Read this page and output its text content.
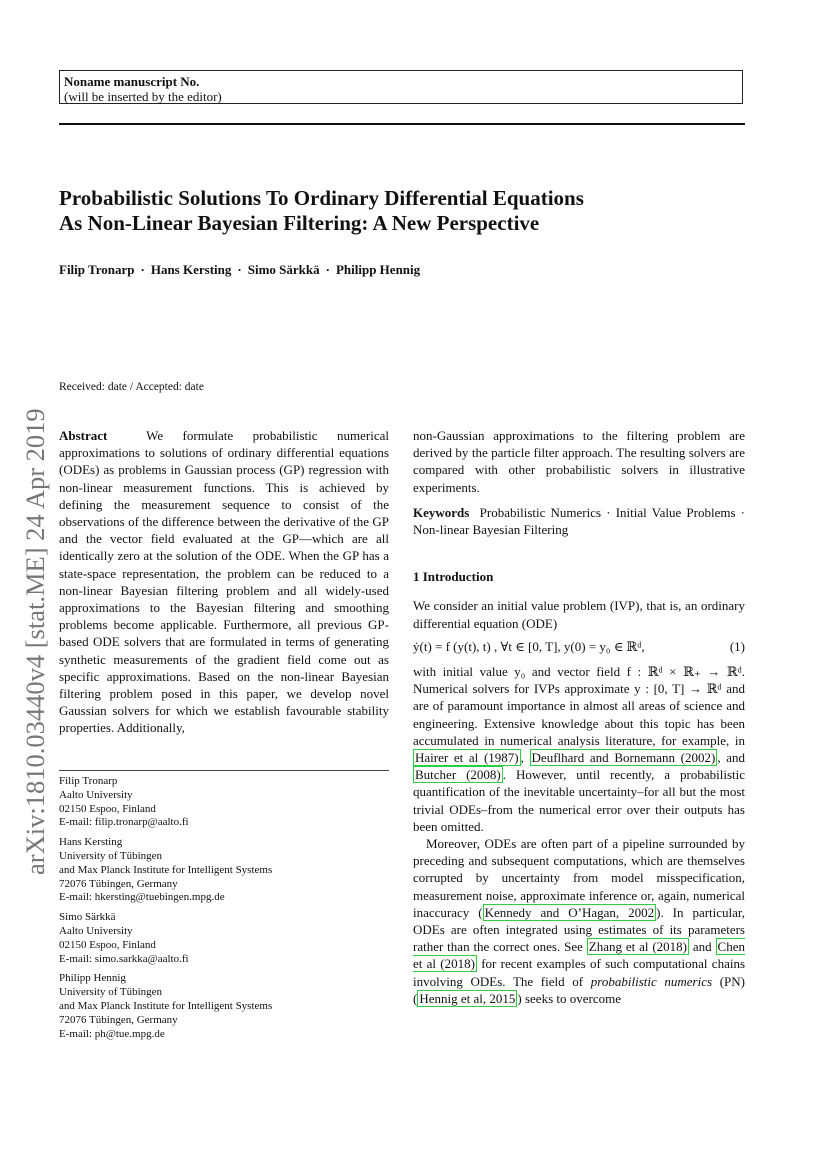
Noname manuscript No.
(will be inserted by the editor)
Probabilistic Solutions To Ordinary Differential Equations
As Non-Linear Bayesian Filtering: A New Perspective
Filip Tronarp · Hans Kersting · Simo Särkkä · Philipp Hennig
arXiv:1810.03440v4 [stat.ME] 24 Apr 2019
Received: date / Accepted: date
Abstract	We formulate probabilistic numerical approximations to solutions of ordinary differential equations (ODEs) as problems in Gaussian process (GP) regression with non-linear measurement functions. This is achieved by defining the measurement sequence to consist of the observations of the difference between the derivative of the GP and the vector field evaluated at the GP—which are all identically zero at the solution of the ODE. When the GP has a state-space representation, the problem can be reduced to a non-linear Bayesian filtering problem and all widely-used approximations to the Bayesian filtering and smoothing problems become applicable. Furthermore, all previous GP-based ODE solvers that are formulated in terms of generating synthetic measurements of the gradient field come out as specific approximations. Based on the non-linear Bayesian filtering problem posed in this paper, we develop novel Gaussian solvers for which we establish favourable stability properties. Additionally,
Filip Tronarp
Aalto University
02150 Espoo, Finland
E-mail: filip.tronarp@aalto.fi
Hans Kersting
University of Tübingen
and Max Planck Institute for Intelligent Systems
72076 Tübingen, Germany
E-mail: hkersting@tuebingen.mpg.de
Simo Särkkä
Aalto University
02150 Espoo, Finland
E-mail: simo.sarkka@aalto.fi
Philipp Hennig
University of Tübingen
and Max Planck Institute for Intelligent Systems
72076 Tübingen, Germany
E-mail: ph@tue.mpg.de

non-Gaussian approximations to the filtering problem are derived by the particle filter approach. The resulting solvers are compared with other probabilistic solvers in illustrative experiments.

Keywords Probabilistic Numerics · Initial Value Problems · Non-linear Bayesian Filtering

1 Introduction

We consider an initial value problem (IVP), that is, an ordinary differential equation (ODE)

ẏ(t) = f (y(t), t) , ∀t ∈ [0, T], y(0) = y₀ ∈ ℝᵈ,	(1)

with initial value y₀ and vector field f : ℝᵈ × ℝ₊ → ℝᵈ. Numerical solvers for IVPs approximate y : [0, T] → ℝᵈ and are of paramount importance in almost all areas of science and engineering. Extensive knowledge about this topic has been accumulated in numerical analysis literature, for example, in Hairer et al (1987) , Deuflhard and Bornemann (2002) , and Butcher (2008) . However, until recently, a probabilistic quantification of the inevitable uncertainty–for all but the most trivial ODEs–from the numerical error over their outputs has been omitted.

Moreover, ODEs are often part of a pipeline surrounded by preceding and subsequent computations, which are themselves corrupted by uncertainty from model misspecification, measurement noise, approximate inference or, again, numerical inaccuracy ( Kennedy and O’Hagan, 2002 ). In particular, ODEs are often integrated using estimates of its parameters rather than the correct ones. See Zhang et al (2018) and Chen et al (2018) for recent examples of such computational chains involving ODEs. The field of probabilistic numerics (PN) ( Hennig et al, 2015 ) seeks to overcome
